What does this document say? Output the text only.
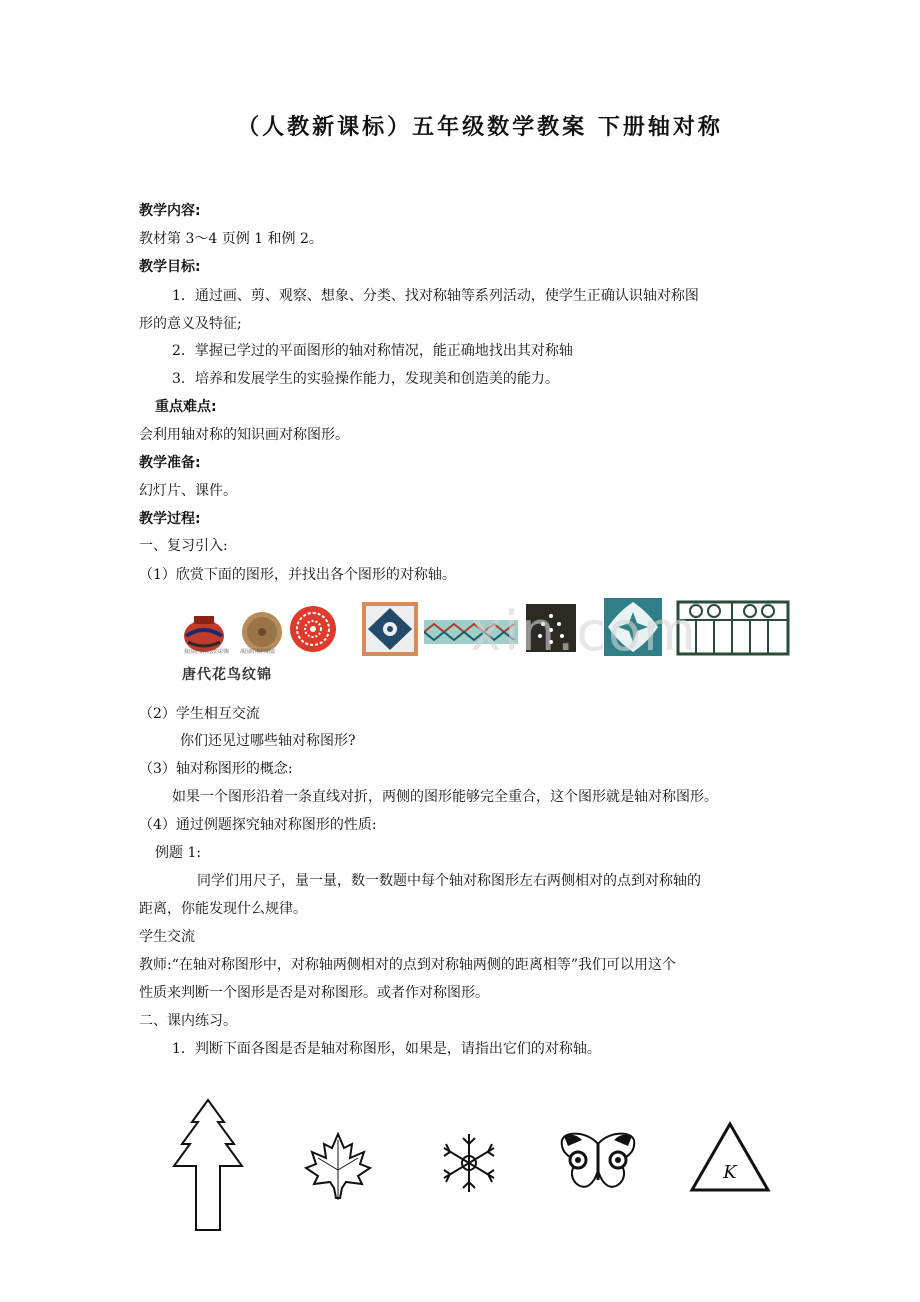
（人教新课标）五年级数学教案 下册轴对称
教学内容:
教材第 3～4 页例 1 和例 2。
教学目标:
1．通过画、剪、观察、想象、分类、找对称轴等系列活动，使学生正确认识轴对称图
形的意义及特征;
2．掌握已学过的平面图形的轴对称情况，能正确地找出其对称轴
3．培养和发展学生的实验操作能力，发现美和创造美的能力。
重点难点:
会利用轴对称的知识画对称图形。
教学准备:
幻灯片、课件。
教学过程:
一、复习引入:
（1）欣赏下面的图形，并找出各个图形的对称轴。
我国原始社会的彩陶 战国时期的铜镜
唐代花鸟纹锦
xin.com
（2）学生相互交流
你们还见过哪些轴对称图形?
（3）轴对称图形的概念:
如果一个图形沿着一条直线对折，两侧的图形能够完全重合，这个图形就是轴对称图形。
（4）通过例题探究轴对称图形的性质:
例题 1:
同学们用尺子，量一量，数一数题中每个轴对称图形左右两侧相对的点到对称轴的
距离，你能发现什么规律。
学生交流
教师:“在轴对称图形中，对称轴两侧相对的点到对称轴两侧的距离相等”我们可以用这个
性质来判断一个图形是否是对称图形。或者作对称图形。
二、课内练习。
1．判断下面各图是否是轴对称图形，如果是，请指出它们的对称轴。
K
